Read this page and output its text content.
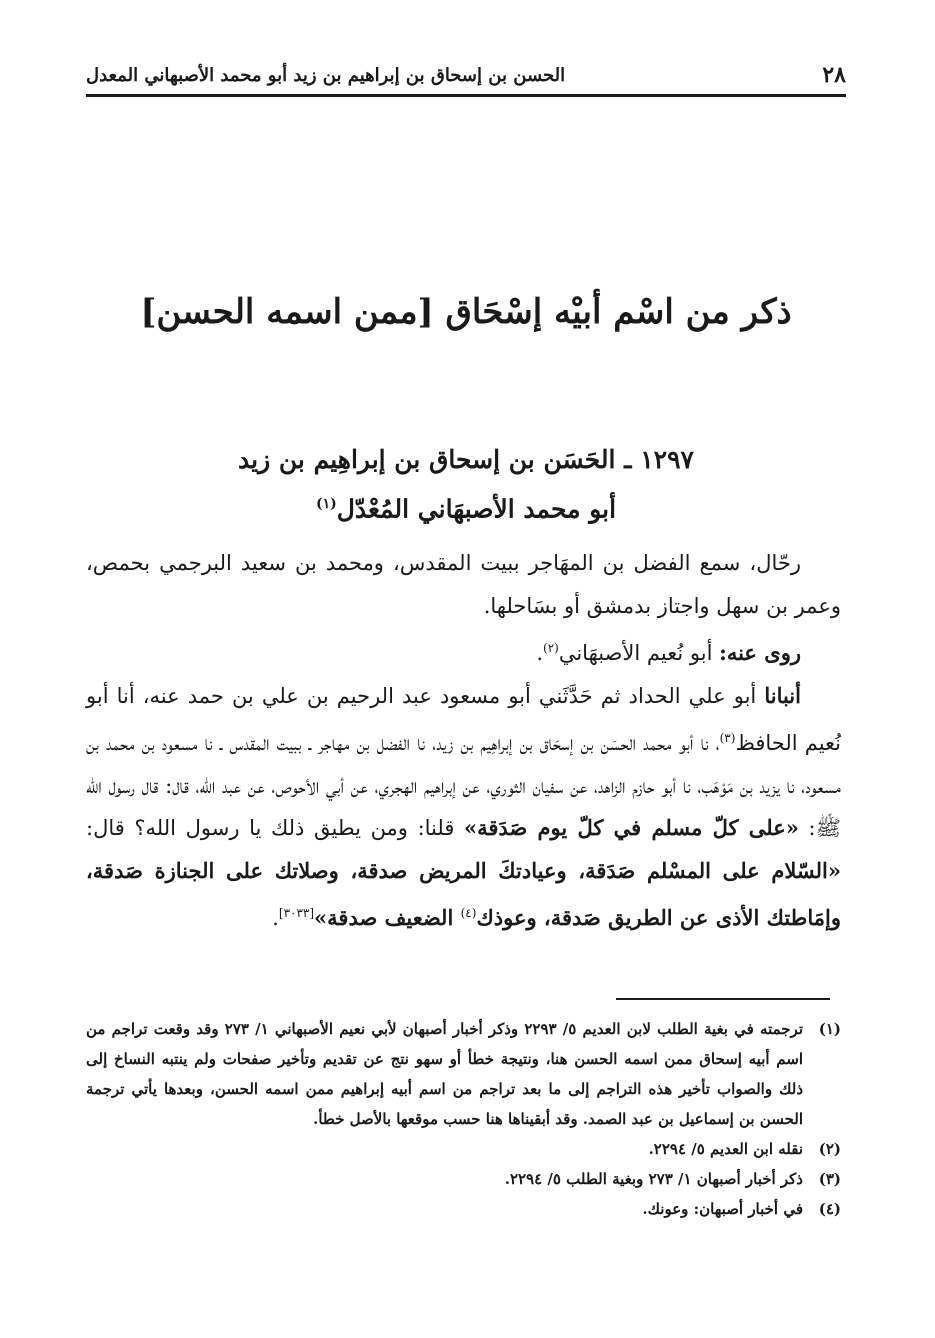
٢٨
الحسن بن إسحاق بن إبراهيم بن زيد أبو محمد الأصبهاني المعدل
ذكر من اسْم أبيْه إسْحَاق [ممن اسمه الحسن]
١٢٩٧ ـ الحَسَن بن إسحاق بن إبراهِيم بن زيد
أبو محمد الأصبهَاني المُعْدّل$^{(١)}$

رحّال، سمع الفضل بن المهَاجر ببيت المقدس، ومحمد بن سعيد البرجمي بحمص، وعمر بن سهل واجتاز بدمشق أو بسَاحلها.

روى عنه: أبو نُعيم الأصبهَاني$^{(٢)}$.

أنبانا أبو علي الحداد ثم حَدَّثَني أبو مسعود عبد الرحيم بن علي بن حمد عنه، أنا أبو نُعيم الحافظ$^{(٣)}$، نا أبو محمد الحسَن بن إسحَاق بن إبراهِيم بن زيد، نا الفضل بن مهاجر ـ ببيت المقدس ـ نا مسعود بن محمد بن مسعود، نا يزيد بن مَوْهَب، نا أبو حازم الزاهد، عن سفيان الثوري، عن إبراهيم الهجري، عن أبي الأحوص، عن عبد اللّه، قال: قال رسول الله ﷺ: «على كلّ مسلم في كلّ يوم صَدَقة» قلنا: ومن يطيق ذلك يا رسول الله؟ قال: «السّلام على المسْلم صَدَقة، وعيادتكَ المريض صدقة، وصلاتك على الجنازة صَدقة، وإمَاطتك الأذى عن الطريق صَدقة، وعوذك$^{(٤)}$ الضعيف صدقة»[٣٠٣٣].

(١)
ترجمته في بغية الطلب لابن العديم ٥/ ٢٢٩٣ وذكر أخبار أصبهان لأبي نعيم الأصبهاني ١/ ٢٧٣ وقد وقعت تراجم من اسم أبيه إسحاق ممن اسمه الحسن هنا، ونتيجة خطأ أو سهو نتج عن تقديم وتأخير صفحات ولم ينتبه النساخ إلى ذلك والصواب تأخير هذه التراجم إلى ما بعد تراجم من اسم أبيه إبراهيم ممن اسمه الحسن، وبعدها يأتي ترجمة الحسن بن إسماعيل بن عبد الصمد. وقد أبقيناها هنا حسب موقعها بالأصل خطأ.
(٢)
نقله ابن العديم ٥/ ٢٢٩٤.
(٣)
ذكر أخبار أصبهان ١/ ٢٧٣ وبغية الطلب ٥/ ٢٢٩٤.
(٤)
في أخبار أصبهان: وعونك.
